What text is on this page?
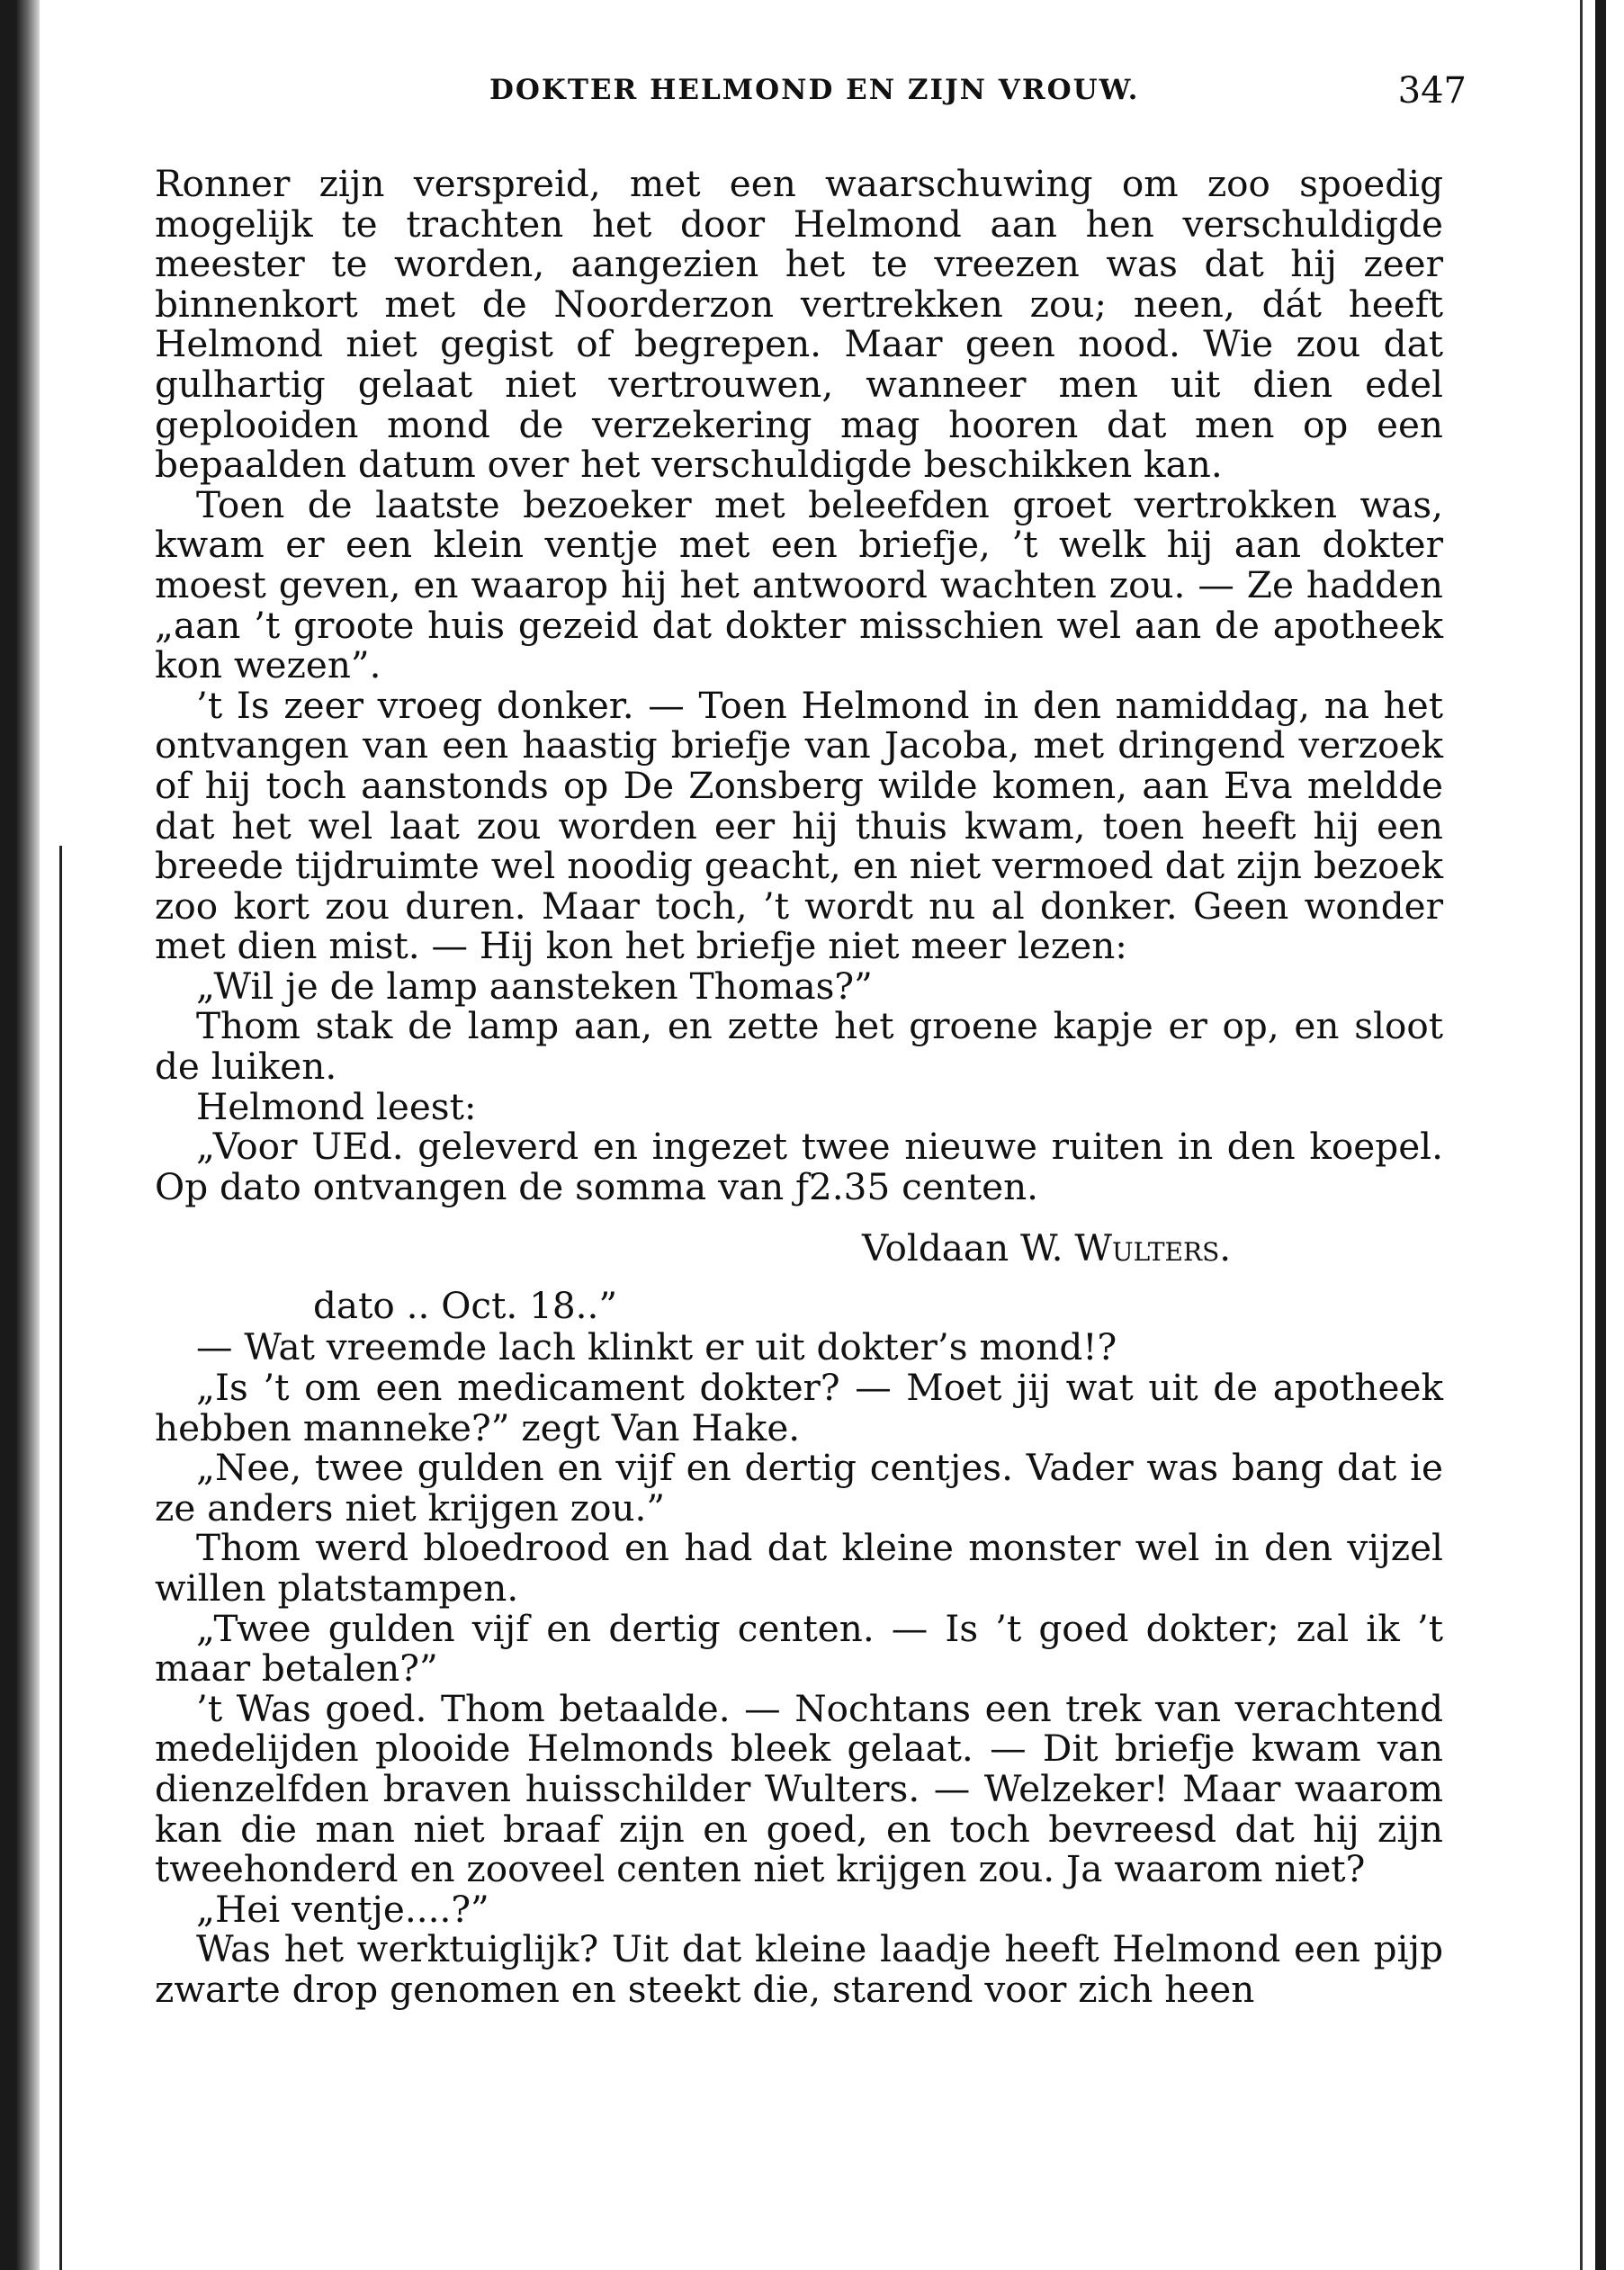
DOKTER HELMOND EN ZIJN VROUW.	347

Ronner zijn verspreid, met een waarschuwing om zoo spoedig mogelijk te trachten het door Helmond aan hen verschuldigde meester te worden, aangezien het te vreezen was dat hij zeer binnenkort met de Noorderzon vertrekken zou; neen, dát heeft Helmond niet gegist of begrepen. Maar geen nood. Wie zou dat gulhartig gelaat niet vertrouwen, wanneer men uit dien edel geplooiden mond de verzekering mag hooren dat men op een bepaalden datum over het verschuldigde beschikken kan.

Toen de laatste bezoeker met beleefden groet vertrokken was, kwam er een klein ventje met een briefje, ’t welk hij aan dokter moest geven, en waarop hij het antwoord wachten zou. — Ze hadden „aan ’t groote huis gezeid dat dokter misschien wel aan de apotheek kon wezen”.

’t Is zeer vroeg donker. — Toen Helmond in den namiddag, na het ontvangen van een haastig briefje van Jacoba, met dringend verzoek of hij toch aanstonds op De Zonsberg wilde komen, aan Eva meldde dat het wel laat zou worden eer hij thuis kwam, toen heeft hij een breede tijdruimte wel noodig geacht, en niet vermoed dat zijn bezoek zoo kort zou duren. Maar toch, ’t wordt nu al donker. Geen wonder met dien mist. — Hij kon het briefje niet meer lezen:

„Wil je de lamp aansteken Thomas?”

Thom stak de lamp aan, en zette het groene kapje er op, en sloot de luiken.

Helmond leest:

„Voor UEd. geleverd en ingezet twee nieuwe ruiten in den koepel. Op dato ontvangen de somma van ƒ2.35 centen.

Voldaan W. Wulters.
dato .. Oct. 18..”

— Wat vreemde lach klinkt er uit dokter’s mond!?

„Is ’t om een medicament dokter? — Moet jij wat uit de apotheek hebben manneke?” zegt Van Hake.

„Nee, twee gulden en vijf en dertig centjes. Vader was bang dat ie ze anders niet krijgen zou.”

Thom werd bloedrood en had dat kleine monster wel in den vijzel willen platstampen.

„Twee gulden vijf en dertig centen. — Is ’t goed dokter; zal ik ’t maar betalen?”

’t Was goed. Thom betaalde. — Nochtans een trek van verachtend medelijden plooide Helmonds bleek gelaat. — Dit briefje kwam van dienzelfden braven huisschilder Wulters. — Welzeker! Maar waarom kan die man niet braaf zijn en goed, en toch bevreesd dat hij zijn tweehonderd en zooveel centen niet krijgen zou. Ja waarom niet?

„Hei ventje....?”

Was het werktuiglijk? Uit dat kleine laadje heeft Helmond een pijp zwarte drop genomen en steekt die, starend voor zich heen
